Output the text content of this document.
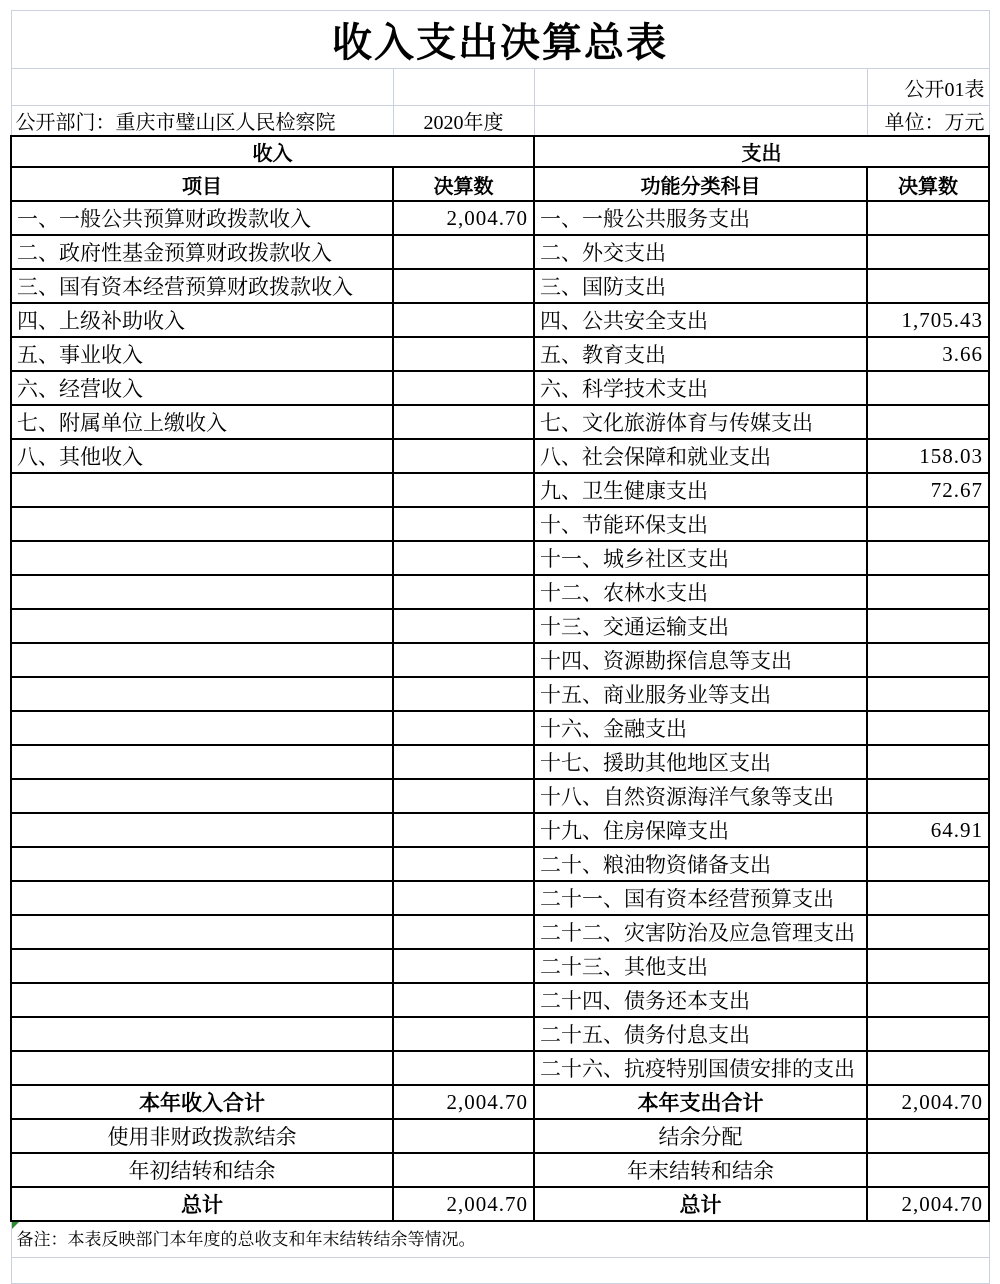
收入支出决算总表			
			公开01表
公开部门：重庆市璧山区人民检察院	2020年度		单位：万元
收入		支出	
项目	决算数	功能分类科目	决算数
一、一般公共预算财政拨款收入	2,004.70	一、一般公共服务支出	
二、政府性基金预算财政拨款收入		二、外交支出	
三、国有资本经营预算财政拨款收入		三、国防支出	
四、上级补助收入		四、公共安全支出	1,705.43
五、事业收入		五、教育支出	3.66
六、经营收入		六、科学技术支出	
七、附属单位上缴收入		七、文化旅游体育与传媒支出	
八、其他收入		八、社会保障和就业支出	158.03
		九、卫生健康支出	72.67
		十、节能环保支出	
		十一、城乡社区支出	
		十二、农林水支出	
		十三、交通运输支出	
		十四、资源勘探信息等支出	
		十五、商业服务业等支出	
		十六、金融支出	
		十七、援助其他地区支出	
		十八、自然资源海洋气象等支出	
		十九、住房保障支出	64.91
		二十、粮油物资储备支出	
		二十一、国有资本经营预算支出	
		二十二、灾害防治及应急管理支出	
		二十三、其他支出	
		二十四、债务还本支出	
		二十五、债务付息支出	
		二十六、抗疫特别国债安排的支出	
本年收入合计	2,004.70	本年支出合计	2,004.70
使用非财政拨款结余		结余分配	
年初结转和结余		年末结转和结余	
总计	2,004.70	总计	2,004.70

备注：本表反映部门本年度的总收支和年末结转结余等情况。			
